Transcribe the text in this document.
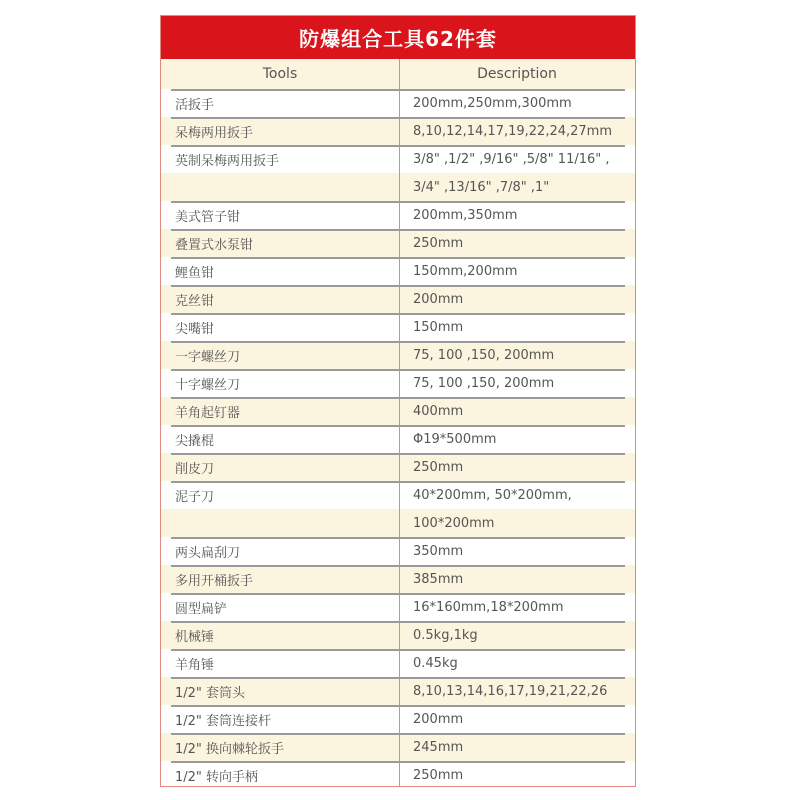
防爆组合工具62件套
Tools	Description
活扳手	200mm,250mm,300mm
呆梅两用扳手	8,10,12,14,17,19,22,24,27mm
英制呆梅两用扳手	3/8" ,1/2" ,9/16" ,5/8" 11/16" ,
3/4" ,13/16" ,7/8" ,1"
美式管子钳	200mm,350mm
叠置式水泵钳	250mm
鲤鱼钳	150mm,200mm
克丝钳	200mm
尖嘴钳	150mm
一字螺丝刀	75, 100 ,150, 200mm
十字螺丝刀	75, 100 ,150, 200mm
羊角起钉器	400mm
尖撬棍	Φ19*500mm
削皮刀	250mm
泥子刀	40*200mm, 50*200mm,
100*200mm
两头扁刮刀	350mm
多用开桶扳手	385mm
圆型扁铲	16*160mm,18*200mm
机械锤	0.5kg,1kg
羊角锤	0.45kg
1/2" 套筒头	8,10,13,14,16,17,19,21,22,26
1/2" 套筒连接杆	200mm
1/2" 换向棘轮扳手	245mm
1/2" 转向手柄	250mm
